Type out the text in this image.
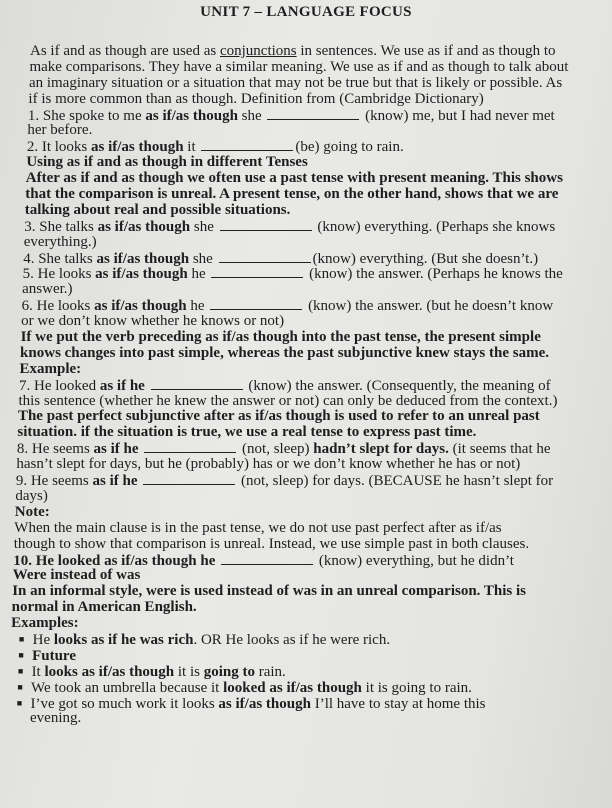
UNIT 7 – LANGUAGE FOCUS
As if and as though are used as conjunctions in sentences. We use as if and as though to
make comparisons. They have a similar meaning. We use as if and as though to talk about
an imaginary situation or a situation that may not be true but that is likely or possible. As
if is more common than as though. Definition from (Cambridge Dictionary)
1. She spoke to me as if/as though she	(know) me, but I had never met
her before.
2. It looks as if/as though it	(be) going to rain.
Using as if and as though in different Tenses
After as if and as though we often use a past tense with present meaning. This shows
that the comparison is unreal. A present tense, on the other hand, shows that we are
talking about real and possible situations.
3. She talks as if/as though she	(know) everything. (Perhaps she knows
everything.)
4. She talks as if/as though she	(know) everything. (But she doesn’t.)
5. He looks as if/as though he	(know) the answer. (Perhaps he knows the
answer.)
6. He looks as if/as though he	(know) the answer. (but he doesn’t know
or we don’t know whether he knows or not)
If we put the verb preceding as if/as though into the past tense, the present simple
knows changes into past simple, whereas the past subjunctive knew stays the same.
Example:
7. He looked as if he	(know) the answer. (Consequently, the meaning of
this sentence (whether he knew the answer or not) can only be deduced from the context.)
The past perfect subjunctive after as if/as though is used to refer to an unreal past
situation. if the situation is true, we use a real tense to express past time.
8. He seems as if he	(not, sleep) hadn’t slept for days. (it seems that he
hasn’t slept for days, but he (probably) has or we don’t know whether he has or not)
9. He seems as if he	(not, sleep) for days. (BECAUSE he hasn’t slept for
days)
Note:
When the main clause is in the past tense, we do not use past perfect after as if/as
though to show that comparison is unreal. Instead, we use simple past in both clauses.
10. He looked as if/as though he	(know) everything, but he didn’t
Were instead of was
In an informal style, were is used instead of was in an unreal comparison. This is
normal in American English.
Examples:
■ He looks as if he was rich. OR He looks as if he were rich.
■ Future
■ It looks as if/as though it is going to rain.
■ We took an umbrella because it looked as if/as though it is going to rain.
■ I’ve got so much work it looks as if/as though I’ll have to stay at home this
evening.
